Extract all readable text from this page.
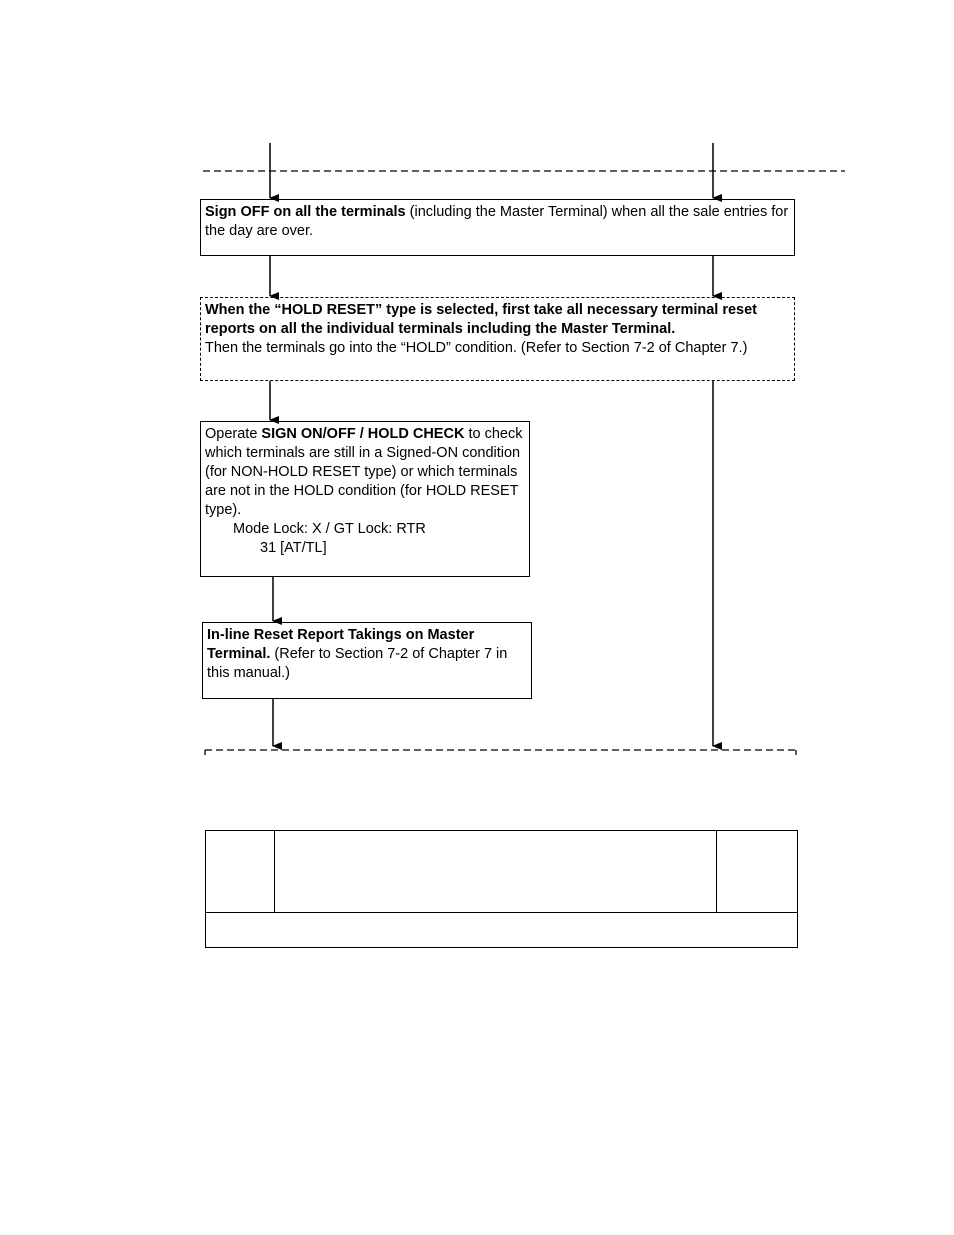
Sign OFF on all the terminals (including the Master Terminal) when all the sale entries for the day are over.
When the “HOLD RESET” type is selected, first take all necessary terminal reset reports on all the individual terminals including the Master Terminal.
Then the terminals go into the “HOLD” condition. (Refer to Section 7-2 of Chapter 7.)
Operate SIGN ON/OFF / HOLD CHECK to check which terminals are still in a Signed-ON condition (for NON-HOLD RESET type) or which terminals are not in the HOLD condition (for HOLD RESET type).
Mode Lock: X / GT Lock: RTR
31 [AT/TL]
In-line Reset Report Takings on Master Terminal. (Refer to Section 7-2 of Chapter 7 in this manual.)
